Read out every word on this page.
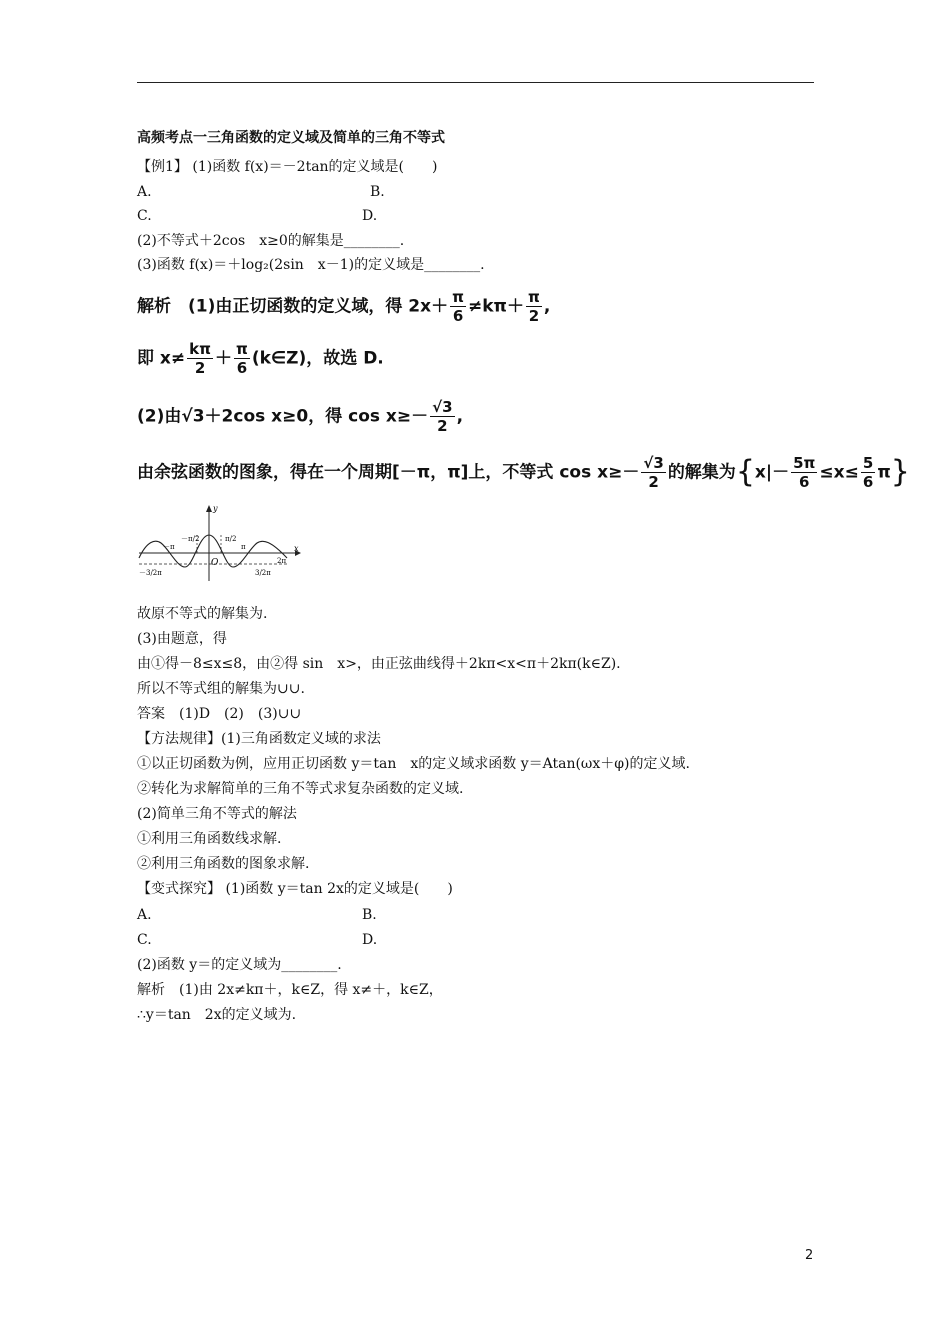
高频考点一三角函数的定义域及简单的三角不等式
【例1】 (1)函数 f(x)＝－2tan的定义域是(　　)
A.	B.
C.	D.
(2)不等式＋2cos　x≥0的解集是________.
(3)函数 f(x)＝＋log₂(2sin　x－1)的定义域是________.
解析　(1)由正切函数的定义域，得 $2x+ \frac{\pi}{6} \ne k\pi+ \frac{\pi}{2}$ ,
即 $x\ne \frac{k\pi}{2} + \frac{\pi}{6}$ (k∈Z)，故选 D.
(2)由√3＋2cos x≥0，得 $\cos x\ge- \frac{√3}{2}$ ,
由余弦函数的图象，得在一个周期[－π，π]上，不等式 $\cos x\ge- \frac{√3}{2}$ 的解集为$\{x|- \frac{5\pi}{6} \le x\le \frac{5}{6} \pi\}$
y
x
O
－π
－π/2	π/2
π
－3/2π	3/2π
2π
故原不等式的解集为.
(3)由题意，得
由①得－8≤x≤8，由②得 sin　x>，由正弦曲线得＋2kπ<x<π＋2kπ(k∈Z).
所以不等式组的解集为∪∪.
答案　(1)D　(2)　(3)∪∪
【方法规律】(1)三角函数定义域的求法
①以正切函数为例，应用正切函数 y＝tan　x的定义域求函数 y＝Atan(ωx＋φ)的定义域.
②转化为求解简单的三角不等式求复杂函数的定义域.
(2)简单三角不等式的解法
①利用三角函数线求解.
②利用三角函数的图象求解.
【变式探究】 (1)函数 y＝tan 2x的定义域是(　　)
A.	B.
C.	D.
(2)函数 y＝的定义域为________.
解析　(1)由 2x≠kπ＋，k∈Z，得 x≠＋，k∈Z，
∴y＝tan　2x的定义域为.
2
